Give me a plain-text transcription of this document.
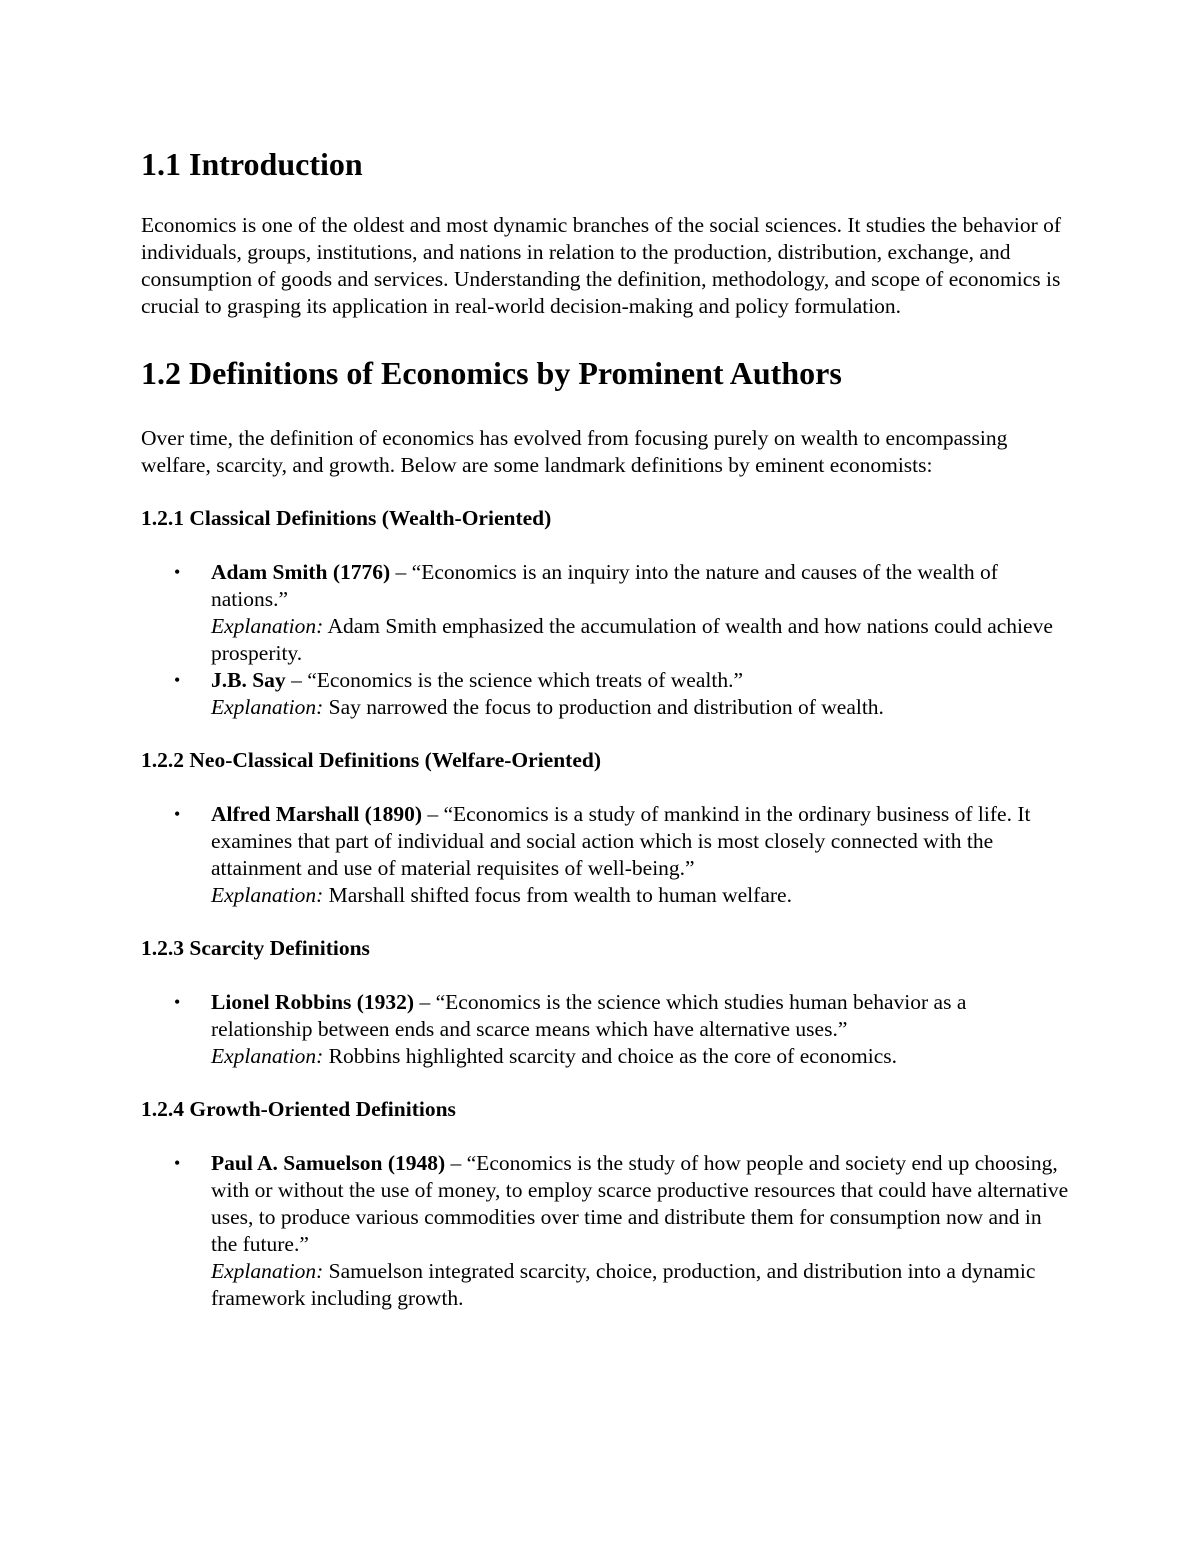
1.1 Introduction

Economics is one of the oldest and most dynamic branches of the social sciences. It studies the behavior of individuals, groups, institutions, and nations in relation to the production, distribution, exchange, and consumption of goods and services. Understanding the definition, methodology, and scope of economics is crucial to grasping its application in real-world decision-making and policy formulation.

1.2 Definitions of Economics by Prominent Authors

Over time, the definition of economics has evolved from focusing purely on wealth to encompassing welfare, scarcity, and growth. Below are some landmark definitions by eminent economists:

1.2.1 Classical Definitions (Wealth-Oriented)
• Adam Smith (1776) – “Economics is an inquiry into the nature and causes of the wealth of nations.”
Explanation: Adam Smith emphasized the accumulation of wealth and how nations could achieve prosperity.
• J.B. Say – “Economics is the science which treats of wealth.”
Explanation: Say narrowed the focus to production and distribution of wealth.
1.2.2 Neo-Classical Definitions (Welfare-Oriented)
• Alfred Marshall (1890) – “Economics is a study of mankind in the ordinary business of life. It examines that part of individual and social action which is most closely connected with the attainment and use of material requisites of well-being.”
Explanation: Marshall shifted focus from wealth to human welfare.
1.2.3 Scarcity Definitions
• Lionel Robbins (1932) – “Economics is the science which studies human behavior as a relationship between ends and scarce means which have alternative uses.”
Explanation: Robbins highlighted scarcity and choice as the core of economics.
1.2.4 Growth-Oriented Definitions
• Paul A. Samuelson (1948) – “Economics is the study of how people and society end up choosing, with or without the use of money, to employ scarce productive resources that could have alternative uses, to produce various commodities over time and distribute them for consumption now and in the future.”
Explanation: Samuelson integrated scarcity, choice, production, and distribution into a dynamic framework including growth.
